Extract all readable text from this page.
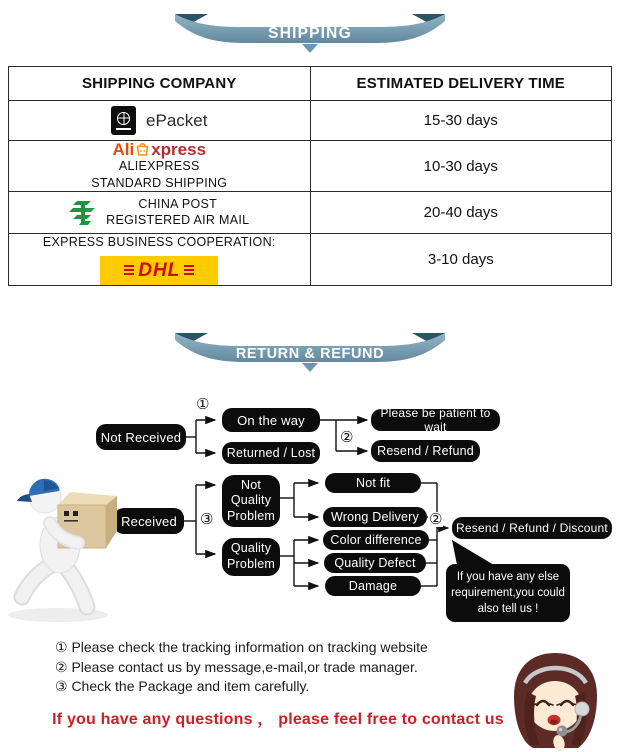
SHIPPING
SHIPPING COMPANY	ESTIMATED DELIVERY TIME

- - - -
ePacket	15-30 days

Ali xpress
ALIEXPRESS
STANDARD SHIPPING	10-30 days

CHINA POST
REGISTERED AIR MAIL	20-40 days

EXPRESS BUSINESS COOPERATION:
DHL	3-10 days
RETURN & REFUND
①
②
③	②
Not Received
On the way
Returned / Lost
Please be patient to wait
Resend / Refund
Received
Not Quality Problem
Quality Problem
Not fit
Wrong Delivery
Color difference
Quality Defect
Damage
Resend / Refund / Discount
If you have any else
requirement,you could
also tell us !
① Please check the tracking information on tracking website
② Please contact us by message,e-mail,or trade manager.
③ Check the Package and item carefully.
If you have any questions ， please feel free to contact us
